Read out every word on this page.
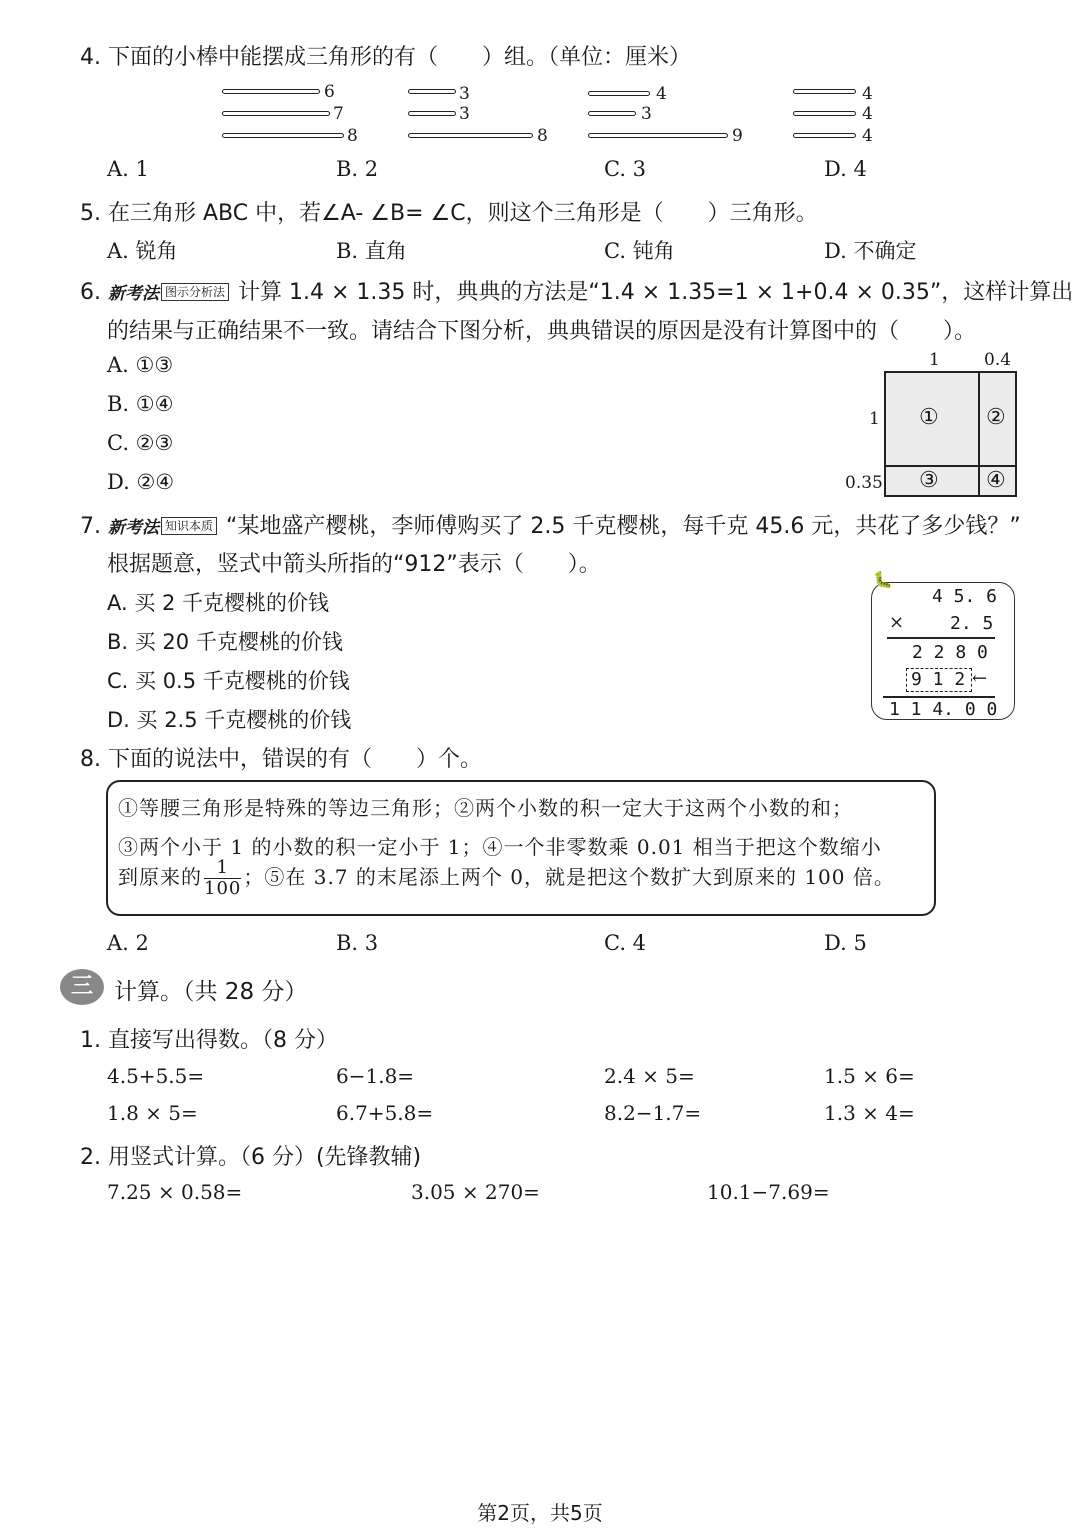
4. 下面的小棒中能摆成三角形的有（　　）组。（单位：厘米）
6
7
8
3
3
8
4
3
9
4
4
4
A. 1	B. 2	C. 3	D. 4
5. 在三角形 ABC 中，若∠A- ∠B= ∠C，则这个三角形是（　　）三角形。
A. 锐角	B. 直角	C. 钝角	D. 不确定
6. 新考法 图示分析法 计算 1.4 × 1.35 时，典典的方法是“1.4 × 1.35=1 × 1+0.4 × 0.35”，这样计算出
的结果与正确结果不一致。请结合下图分析，典典错误的原因是没有计算图中的（　　）。
A. ①③
B. ①④
C. ②③
D. ②④
1	0.4
1
0.35
① ②
③ ④
7. 新考法 知识本质 “某地盛产樱桃，李师傅购买了 2.5 千克樱桃，每千克 45.6 元，共花了多少钱？”
根据题意，竖式中箭头所指的“912”表示（　　）。
A. 买 2 千克樱桃的价钱
B. 买 20 千克樱桃的价钱
C. 买 0.5 千克樱桃的价钱
D. 买 2.5 千克樱桃的价钱
🐛
4 5. 6
×	2. 5
2 2 8 0
9 1 2 ←
1 1 4. 0 0
8. 下面的说法中，错误的有（　　）个。
①等腰三角形是特殊的等边三角形；②两个小数的积一定大于这两个小数的和；
③两个小于 1 的小数的积一定小于 1；④一个非零数乘 0.01 相当于把这个数缩小
到原来的 $\frac{1}{100}$ ；⑤在 3.7 的末尾添上两个 0，就是把这个数扩大到原来的 100 倍。
A. 2	B. 3	C. 4	D. 5
三 计算。（共 28 分）
1. 直接写出得数。（8 分）
4.5+5.5=	6−1.8=	2.4 × 5=	1.5 × 6=
1.8 × 5=	6.7+5.8=	8.2−1.7=	1.3 × 4=
2. 用竖式计算。（6 分）(先锋教辅)
7.25 × 0.58=	3.05 × 270=	10.1−7.69=
第2页，共5页
